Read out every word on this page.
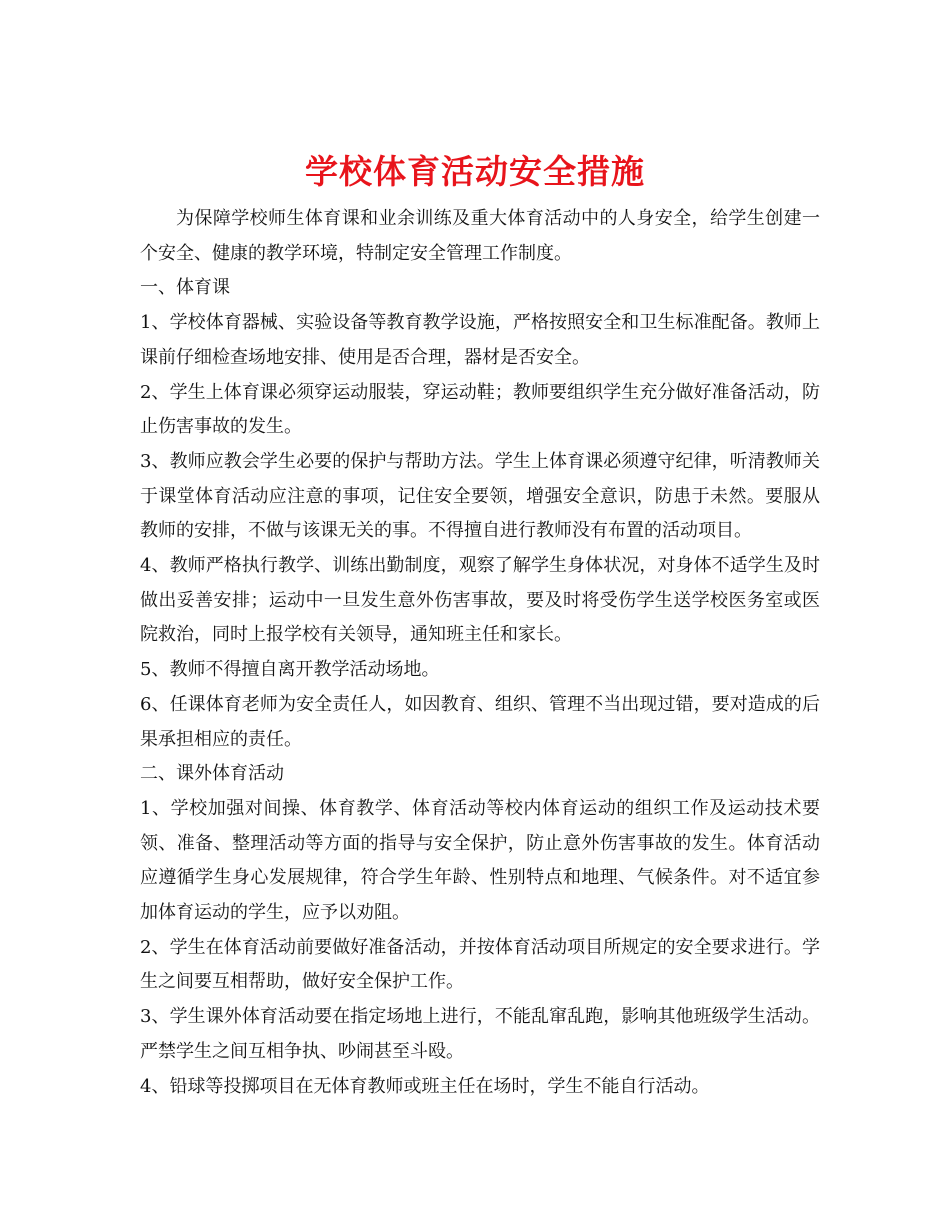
学校体育活动安全措施

为保障学校师生体育课和业余训练及重大体育活动中的人身安全，给学生创建一个安全、健康的教学环境，特制定安全管理工作制度。

一、体育课

1、学校体育器械、实验设备等教育教学设施，严格按照安全和卫生标准配备。教师上课前仔细检查场地安排、使用是否合理，器材是否安全。

2、学生上体育课必须穿运动服装，穿运动鞋；教师要组织学生充分做好准备活动，防止伤害事故的发生。

3、教师应教会学生必要的保护与帮助方法。学生上体育课必须遵守纪律，听清教师关于课堂体育活动应注意的事项，记住安全要领，增强安全意识，防患于未然。要服从教师的安排，不做与该课无关的事。不得擅自进行教师没有布置的活动项目。

4、教师严格执行教学、训练出勤制度，观察了解学生身体状况，对身体不适学生及时做出妥善安排；运动中一旦发生意外伤害事故，要及时将受伤学生送学校医务室或医院救治，同时上报学校有关领导，通知班主任和家长。

5、教师不得擅自离开教学活动场地。

6、任课体育老师为安全责任人，如因教育、组织、管理不当出现过错，要对造成的后果承担相应的责任。

二、课外体育活动

1、学校加强对间操、体育教学、体育活动等校内体育运动的组织工作及运动技术要领、准备、整理活动等方面的指导与安全保护，防止意外伤害事故的发生。体育活动应遵循学生身心发展规律，符合学生年龄、性别特点和地理、气候条件。对不适宜参加体育运动的学生，应予以劝阻。

2、学生在体育活动前要做好准备活动，并按体育活动项目所规定的安全要求进行。学生之间要互相帮助，做好安全保护工作。

3、学生课外体育活动要在指定场地上进行，不能乱窜乱跑，影响其他班级学生活动。严禁学生之间互相争执、吵闹甚至斗殴。

4、铅球等投掷项目在无体育教师或班主任在场时，学生不能自行活动。
